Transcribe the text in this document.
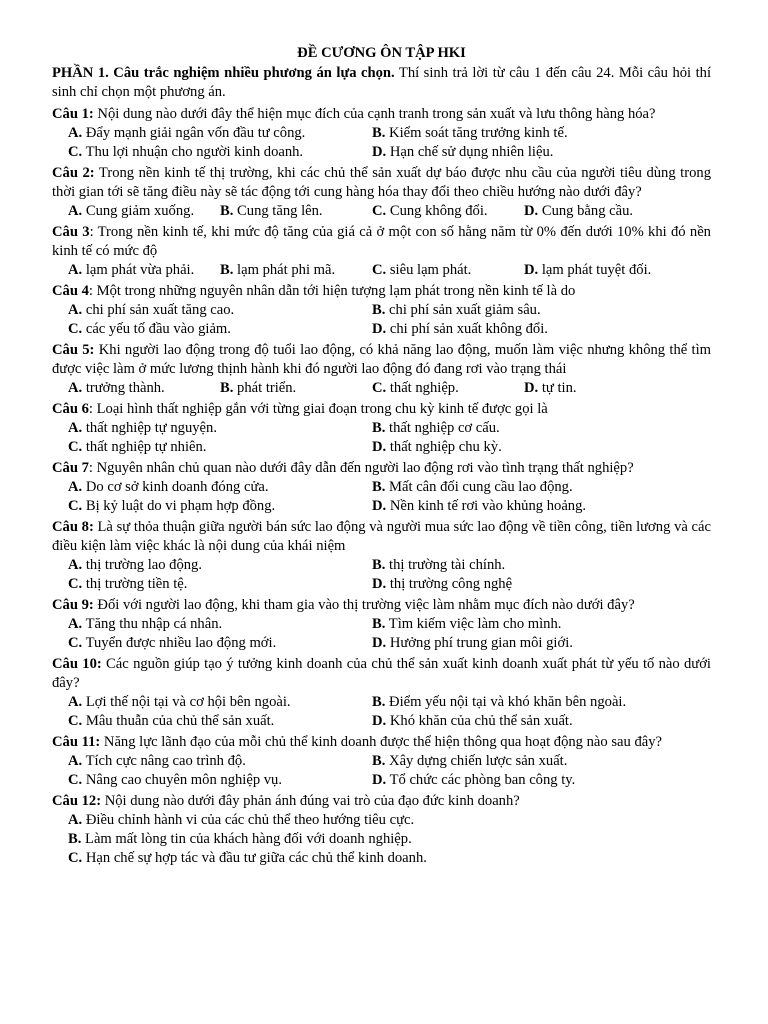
ĐỀ CƯƠNG ÔN TẬP HKI
PHẦN 1. Câu trắc nghiệm nhiều phương án lựa chọn. Thí sinh trả lời từ câu 1 đến câu 24. Mỗi câu hỏi thí sinh chỉ chọn một phương án.
Câu 1: Nội dung nào dưới đây thể hiện mục đích của cạnh tranh trong sản xuất và lưu thông hàng hóa?
A. Đẩy mạnh giải ngân vốn đầu tư công.	B. Kiểm soát tăng trưởng kinh tế.
C. Thu lợi nhuận cho người kinh doanh.	D. Hạn chế sử dụng nhiên liệu.
Câu 2: Trong nền kinh tế thị trường, khi các chủ thể sản xuất dự báo được nhu cầu của người tiêu dùng trong thời gian tới sẽ tăng điều này sẽ tác động tới cung hàng hóa thay đổi theo chiều hướng nào dưới đây?
A. Cung giảm xuống.	B. Cung tăng lên.	C. Cung không đổi.	D. Cung bằng cầu.
Câu 3: Trong nền kinh tế, khi mức độ tăng của giá cả ở một con số hằng năm từ 0% đến dưới 10% khi đó nền kinh tế có mức độ
A. lạm phát vừa phải.	B. lạm phát phi mã.	C. siêu lạm phát.	D. lạm phát tuyệt đối.
Câu 4: Một trong những nguyên nhân dẫn tới hiện tượng lạm phát trong nền kinh tế là do
A. chi phí sản xuất tăng cao.	B. chi phí sản xuất giảm sâu.
C. các yếu tố đầu vào giảm.	D. chi phí sản xuất không đổi.
Câu 5: Khi người lao động trong độ tuổi lao động, có khả năng lao động, muốn làm việc nhưng không thể tìm được việc làm ở mức lương thịnh hành khi đó người lao động đó đang rơi vào trạng thái
A. trưởng thành.	B. phát triển.	C. thất nghiệp.	D. tự tin.
Câu 6: Loại hình thất nghiệp gắn với từng giai đoạn trong chu kỳ kinh tế được gọi là
A. thất nghiệp tự nguyện.	B. thất nghiệp cơ cấu.
C. thất nghiệp tự nhiên.	D. thất nghiệp chu kỳ.
Câu 7: Nguyên nhân chủ quan nào dưới đây dẫn đến người lao động rơi vào tình trạng thất nghiệp?
A. Do cơ sở kinh doanh đóng cửa.	B. Mất cân đối cung cầu lao động.
C. Bị kỷ luật do vi phạm hợp đồng.	D. Nền kinh tế rơi vào khủng hoảng.
Câu 8: Là sự thỏa thuận giữa người bán sức lao động và người mua sức lao động về tiền công, tiền lương và các điều kiện làm việc khác là nội dung của khái niệm
A. thị trường lao động.	B. thị trường tài chính.
C. thị trường tiền tệ.	D. thị trường công nghệ
Câu 9: Đối với người lao động, khi tham gia vào thị trường việc làm nhằm mục đích nào dưới đây?
A. Tăng thu nhập cá nhân.	B. Tìm kiếm việc làm cho mình.
C. Tuyển được nhiều lao động mới.	D. Hưởng phí trung gian môi giới.
Câu 10: Các nguồn giúp tạo ý tưởng kinh doanh của chủ thể sản xuất kinh doanh xuất phát từ yếu tố nào dưới đây?
A. Lợi thế nội tại và cơ hội bên ngoài.	B. Điểm yếu nội tại và khó khăn bên ngoài.
C. Mâu thuẫn của chủ thể sản xuất.	D. Khó khăn của chủ thể sản xuất.
Câu 11: Năng lực lãnh đạo của mỗi chủ thể kinh doanh được thể hiện thông qua hoạt động nào sau đây?
A. Tích cực nâng cao trình độ.	B. Xây dựng chiến lược sản xuất.
C. Nâng cao chuyên môn nghiệp vụ.	D. Tổ chức các phòng ban công ty.
Câu 12: Nội dung nào dưới đây phản ánh đúng vai trò của đạo đức kinh doanh?
A. Điều chỉnh hành vi của các chủ thể theo hướng tiêu cực.
B. Làm mất lòng tin của khách hàng đối với doanh nghiệp.
C. Hạn chế sự hợp tác và đầu tư giữa các chủ thể kinh doanh.
